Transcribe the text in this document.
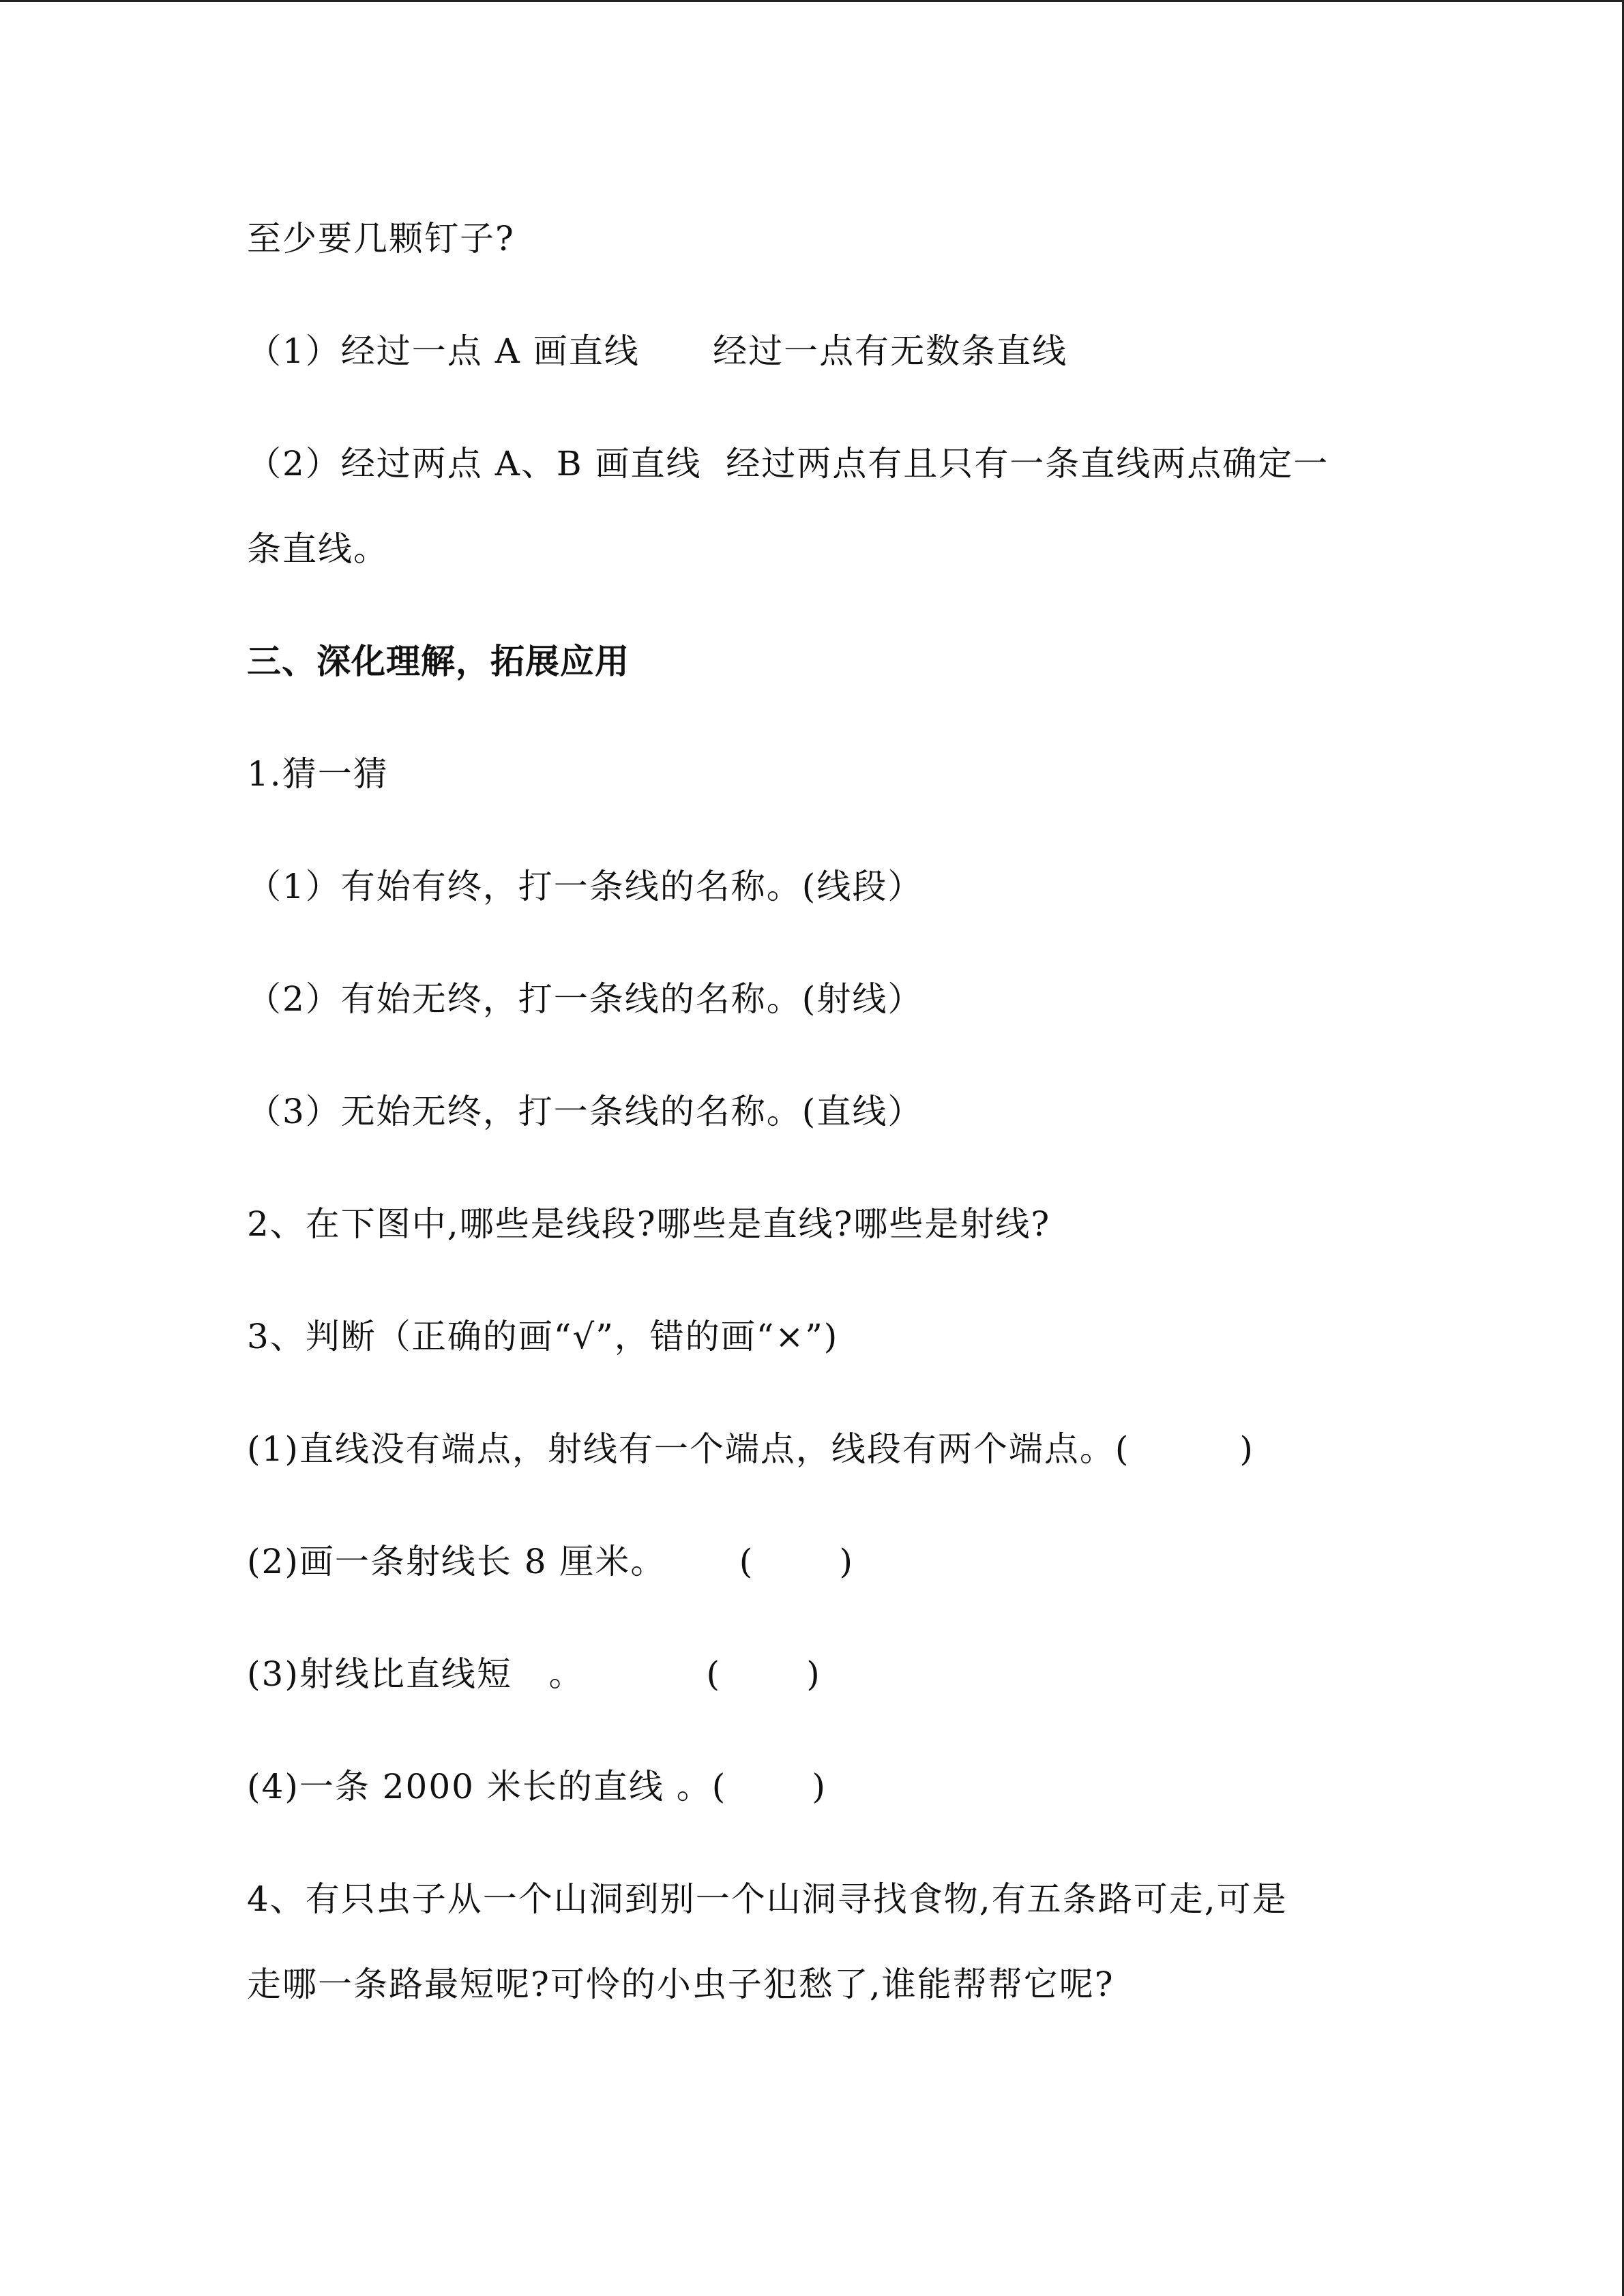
至少要几颗钉子?
（1）经过一点 A 画直线      经过一点有无数条直线
（2）经过两点 A、B 画直线  经过两点有且只有一条直线两点确定一
条直线。
三、深化理解，拓展应用
1.猜一猜
（1）有始有终，打一条线的名称。(线段）
（2）有始无终，打一条线的名称。(射线）
（3）无始无终，打一条线的名称。(直线）
2、在下图中,哪些是线段?哪些是直线?哪些是射线?
3、判断（正确的画“√”，错的画“×”)
(1)直线没有端点，射线有一个端点，线段有两个端点。(         )
(2)画一条射线长 8 厘米。      (       )
(3)射线比直线短   。          (       )
(4)一条 2000 米长的直线 。(       )
4、有只虫子从一个山洞到别一个山洞寻找食物,有五条路可走,可是
走哪一条路最短呢?可怜的小虫子犯愁了,谁能帮帮它呢?
